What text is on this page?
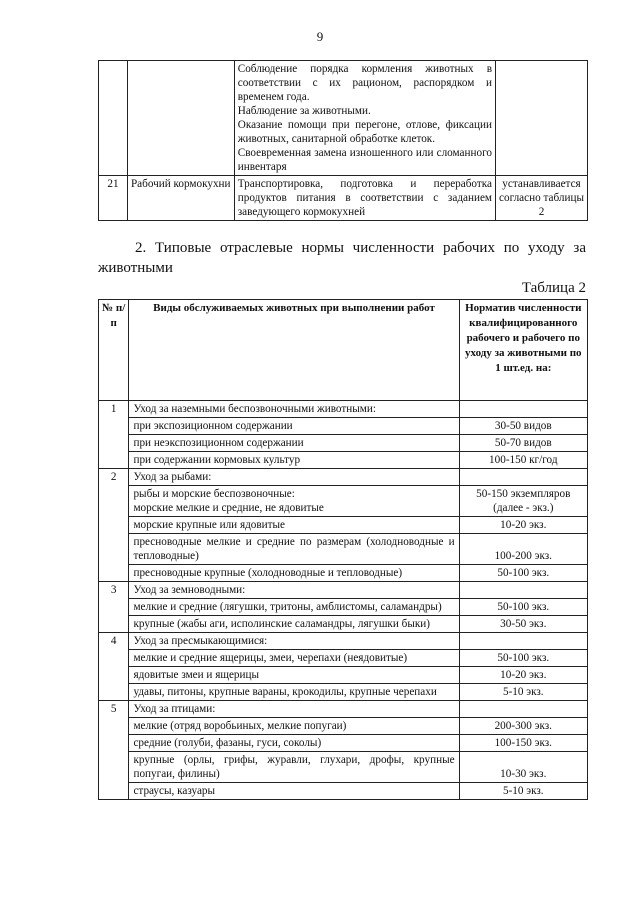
9

		Соблюдение порядка кормления животных в соответствии с их рационом, распорядком и временем года.
Наблюдение за животными.
Оказание помощи при перегоне, отлове, фиксации животных, санитарной обработке клеток.
Своевременная замена изношенного или сломанного инвентаря	

21	Рабочий кормокухни	Транспортировка, подготовка и переработка продуктов питания в соответствии с заданием заведующего кормокухней	устанавливается согласно таблицы 2
2. Типовые отраслевые нормы численности рабочих по уходу за животными
Таблица 2
№ п/п	Виды обслуживаемых животных при выполнении работ	Норматив численности квалифицированного рабочего и рабочего по уходу за животными по 1 шт.ед. на:
1	Уход за наземными беспозвоночными животными:	
	при экспозиционном содержании	30-50 видов
	при неэкспозиционном содержании	50-70 видов
	при содержании кормовых культур	100-150 кг/год
2	Уход за рыбами:	
	рыбы и морские беспозвоночные:
морские мелкие и средние, не ядовитые	50-150 экземпляров (далее - экз.)
	морские крупные или ядовитые	10-20 экз.
	пресноводные мелкие и средние по размерам (холодноводные и тепловодные)	100-200 экз.
	пресноводные крупные (холодноводные и тепловодные)	50-100 экз.
3	Уход за земноводными:	
	мелкие и средние (лягушки, тритоны, амблистомы, саламандры)	50-100 экз.
	крупные (жабы аги, исполинские саламандры, лягушки быки)	30-50 экз.
4	Уход за пресмыкающимися:	
	мелкие и средние ящерицы, змеи, черепахи (неядовитые)	50-100 экз.
	ядовитые змеи и ящерицы	10-20 экз.
	удавы, питоны, крупные вараны, крокодилы, крупные черепахи	5-10 экз.
5	Уход за птицами:	
	мелкие (отряд воробьиных, мелкие попугаи)	200-300 экз.
	средние (голуби, фазаны, гуси, соколы)	100-150 экз.
	крупные (орлы, грифы, журавли, глухари, дрофы, крупные попугаи, филины)	10-30 экз.
	страусы, казуары	5-10 экз.
